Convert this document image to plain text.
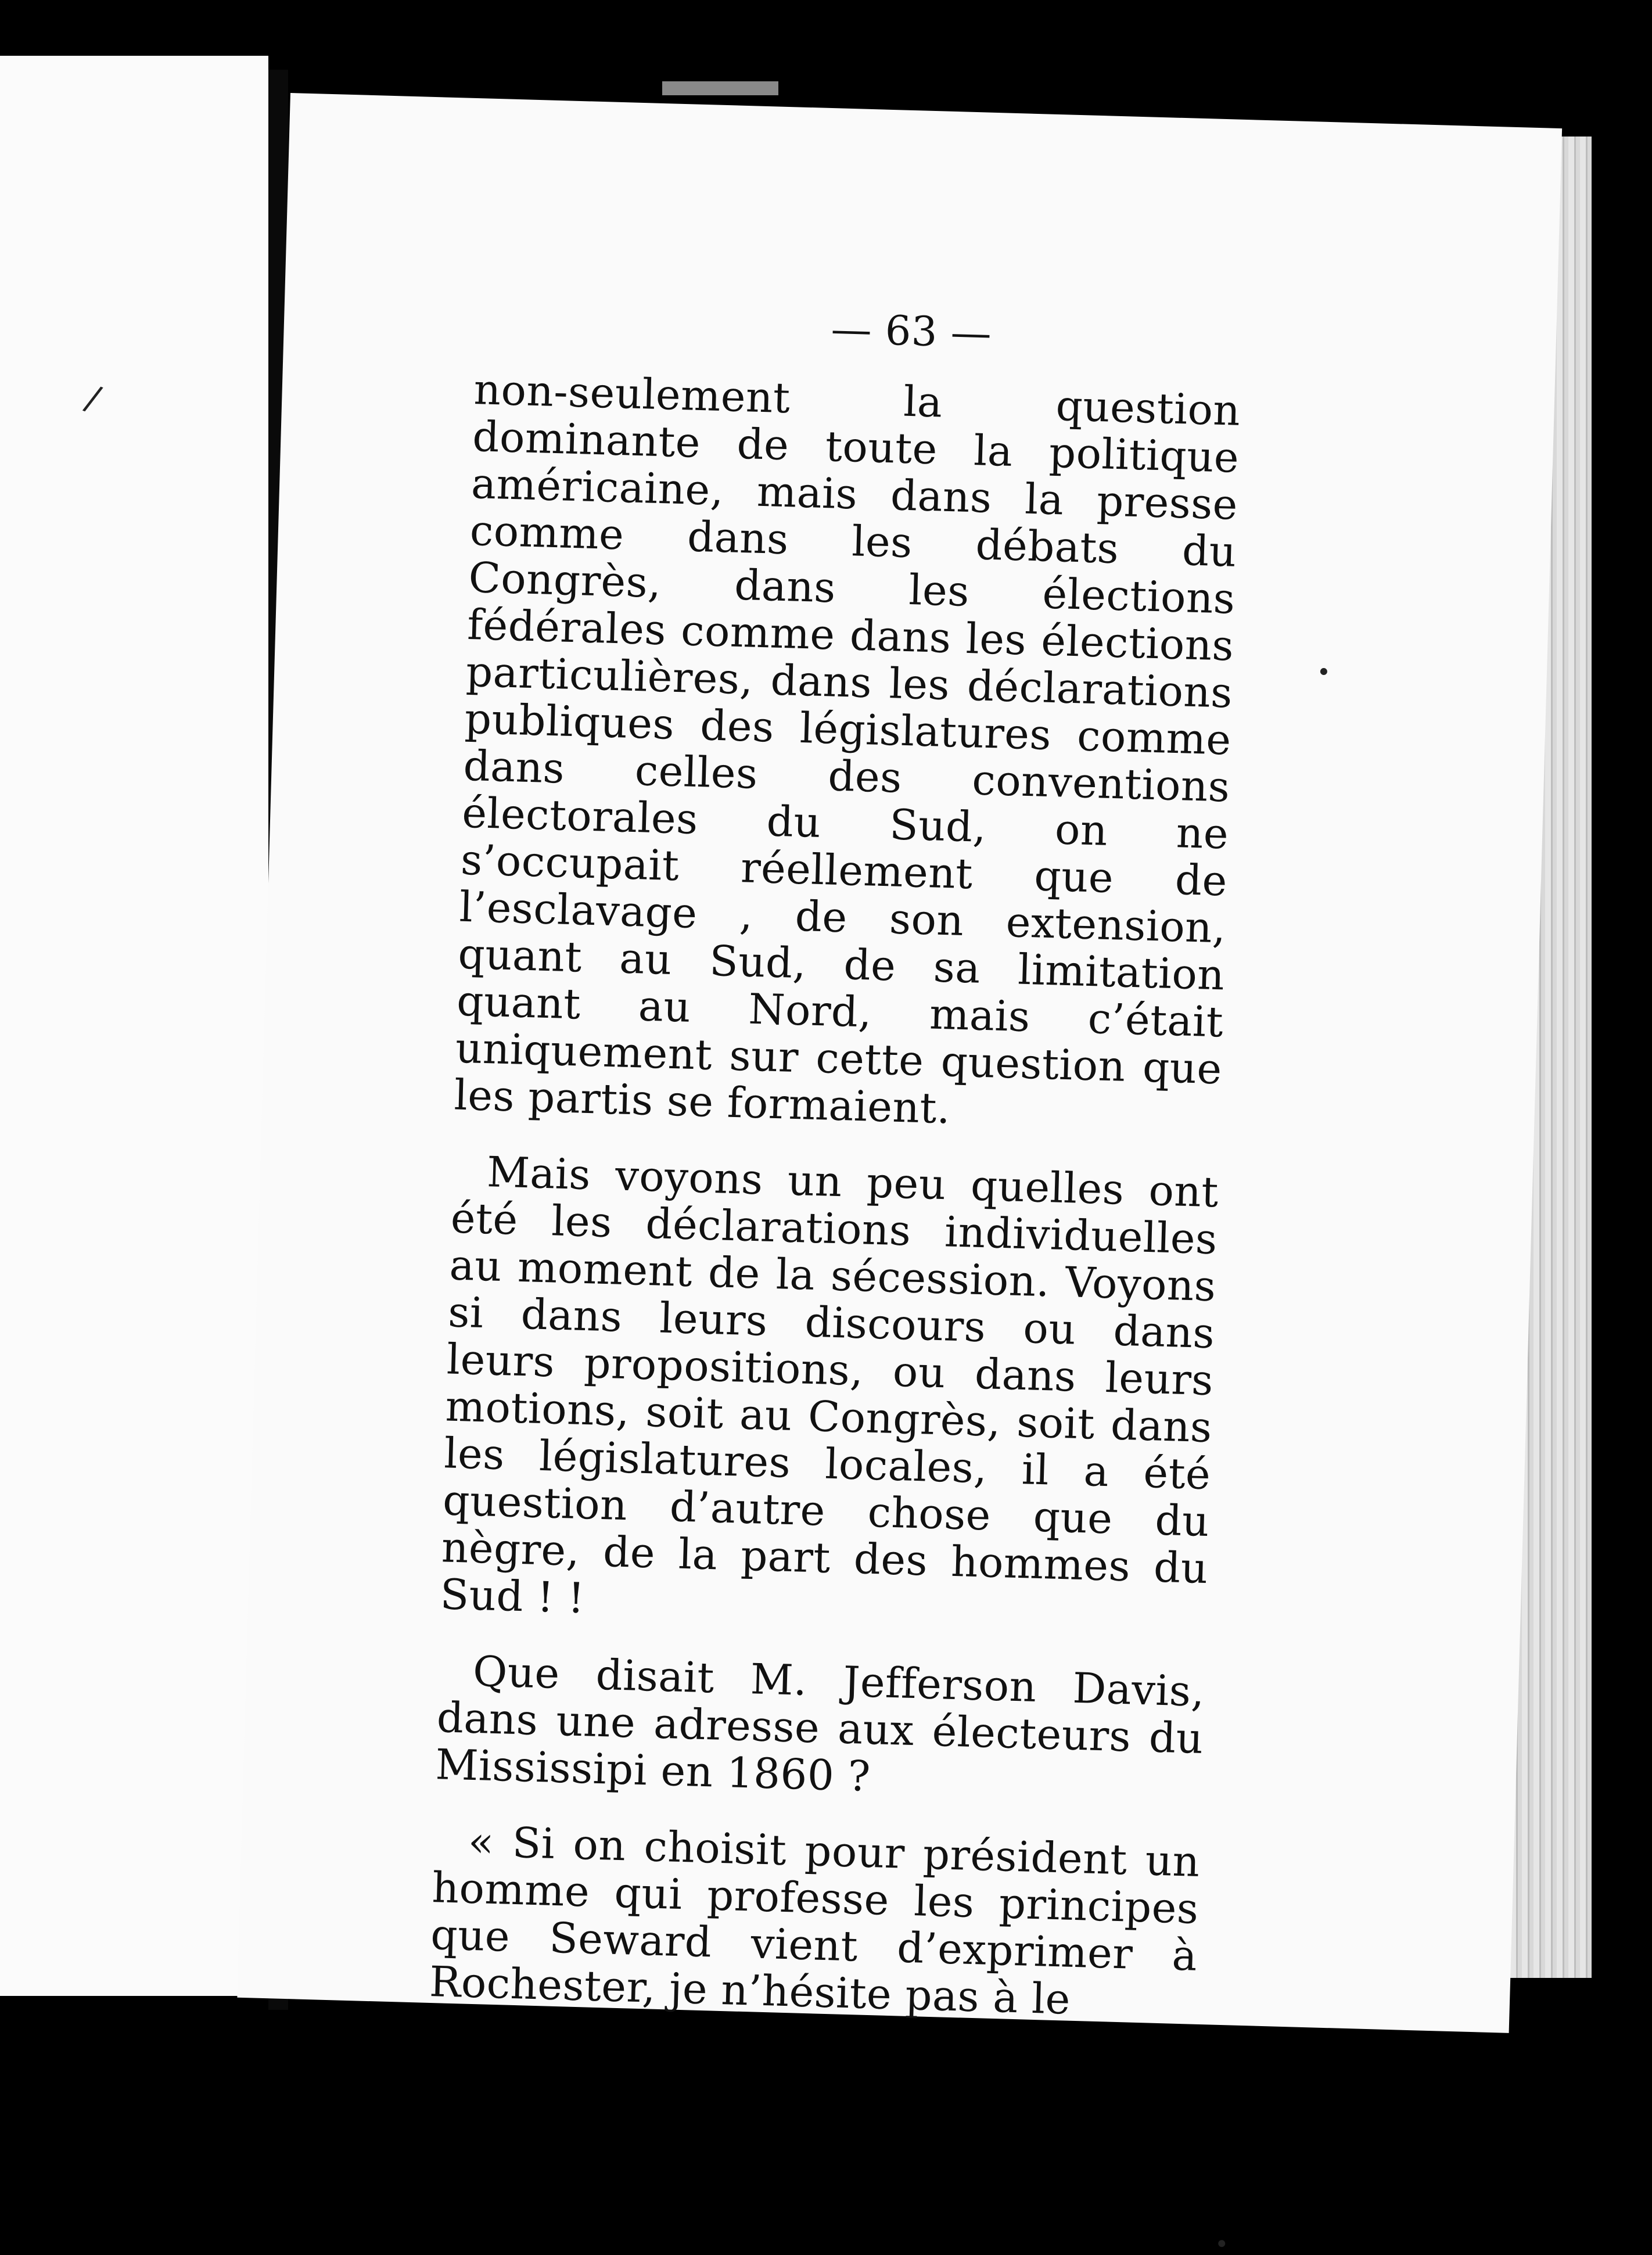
/
— 63 —

non-seulement la question dominante de toute la politique américaine, mais dans la presse comme dans les débats du Congrès, dans les élections fédérales comme dans les élections particulières, dans les déclarations publiques des législatures comme dans celles des conventions électorales du Sud, on ne s’occupait réellement que de l’esclavage , de son extension, quant au Sud, de sa limitation quant au Nord, mais c’était uniquement sur cette question que les partis se formaient.

Mais voyons un peu quelles ont été les déclarations individuelles au moment de la sécession. Voyons si dans leurs discours ou dans leurs propositions, ou dans leurs motions, soit au Congrès, soit dans les législatures locales, il a été question d’autre chose que du nègre, de la part des hommes du Sud ! !

Que disait M. Jefferson Davis, dans une adresse aux électeurs du Mississipi en 1860 ?

« Si on choisit pour président un homme qui professe les principes que Seward vient d’exprimer à Rochester, je n’hésite pas à le
